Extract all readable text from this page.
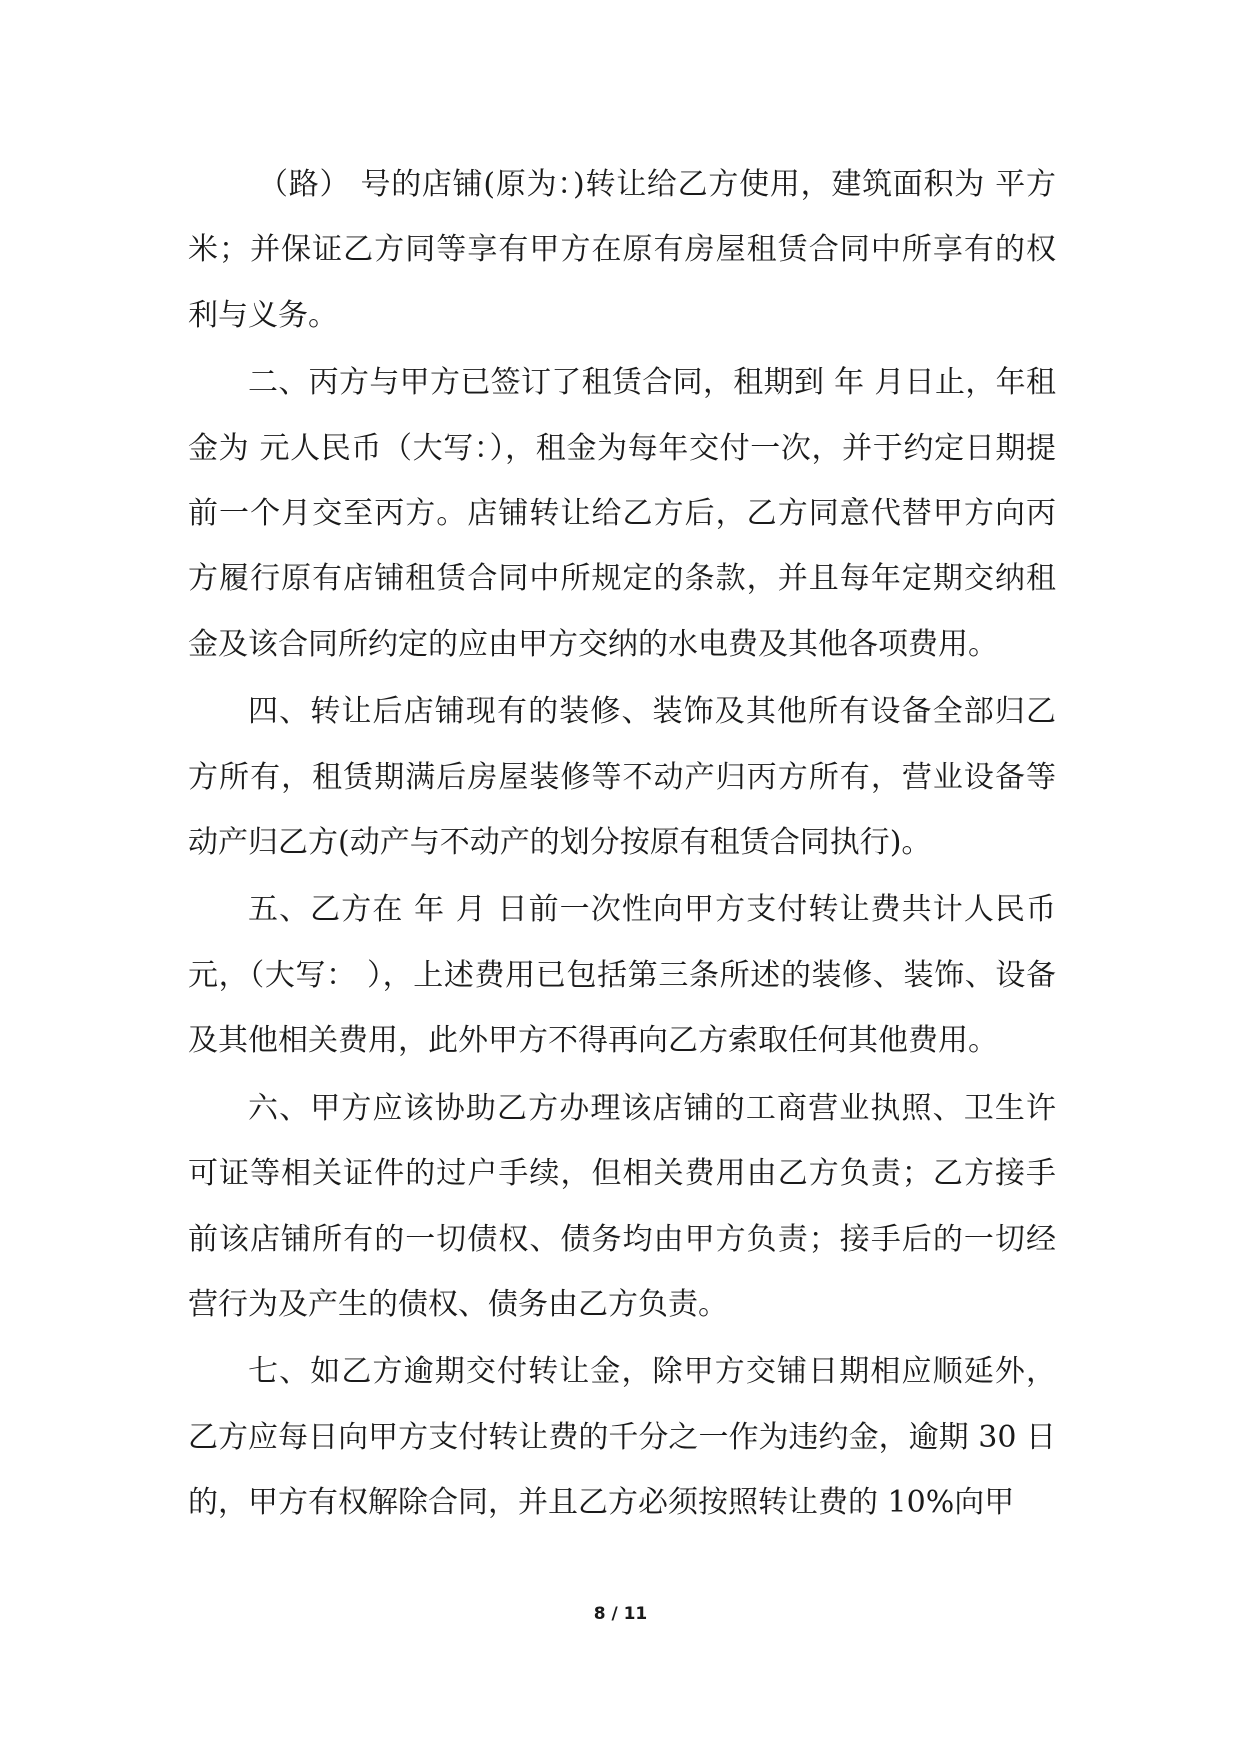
（路） 号的店铺(原为：)转让给乙方使用，建筑面积为 平方米；并保证乙方同等享有甲方在原有房屋租赁合同中所享有的权利与义务。

二、丙方与甲方已签订了租赁合同，租期到 年 月日止，年租金为 元人民币（大写：），租金为每年交付一次，并于约定日期提前一个月交至丙方。店铺转让给乙方后，乙方同意代替甲方向丙方履行原有店铺租赁合同中所规定的条款，并且每年定期交纳租金及该合同所约定的应由甲方交纳的水电费及其他各项费用。

四、转让后店铺现有的装修、装饰及其他所有设备全部归乙方所有，租赁期满后房屋装修等不动产归丙方所有，营业设备等动产归乙方(动产与不动产的划分按原有租赁合同执行)。

五、乙方在 年 月 日前一次性向甲方支付转让费共计人民币 元，（大写： ），上述费用已包括第三条所述的装修、装饰、设备及其他相关费用，此外甲方不得再向乙方索取任何其他费用。

六、甲方应该协助乙方办理该店铺的工商营业执照、卫生许可证等相关证件的过户手续，但相关费用由乙方负责；乙方接手前该店铺所有的一切债权、债务均由甲方负责；接手后的一切经营行为及产生的债权、债务由乙方负责。

七、如乙方逾期交付转让金，除甲方交铺日期相应顺延外，乙方应每日向甲方支付转让费的千分之一作为违约金，逾期 30 日的，甲方有权解除合同，并且乙方必须按照转让费的 10%向甲

8 / 11
